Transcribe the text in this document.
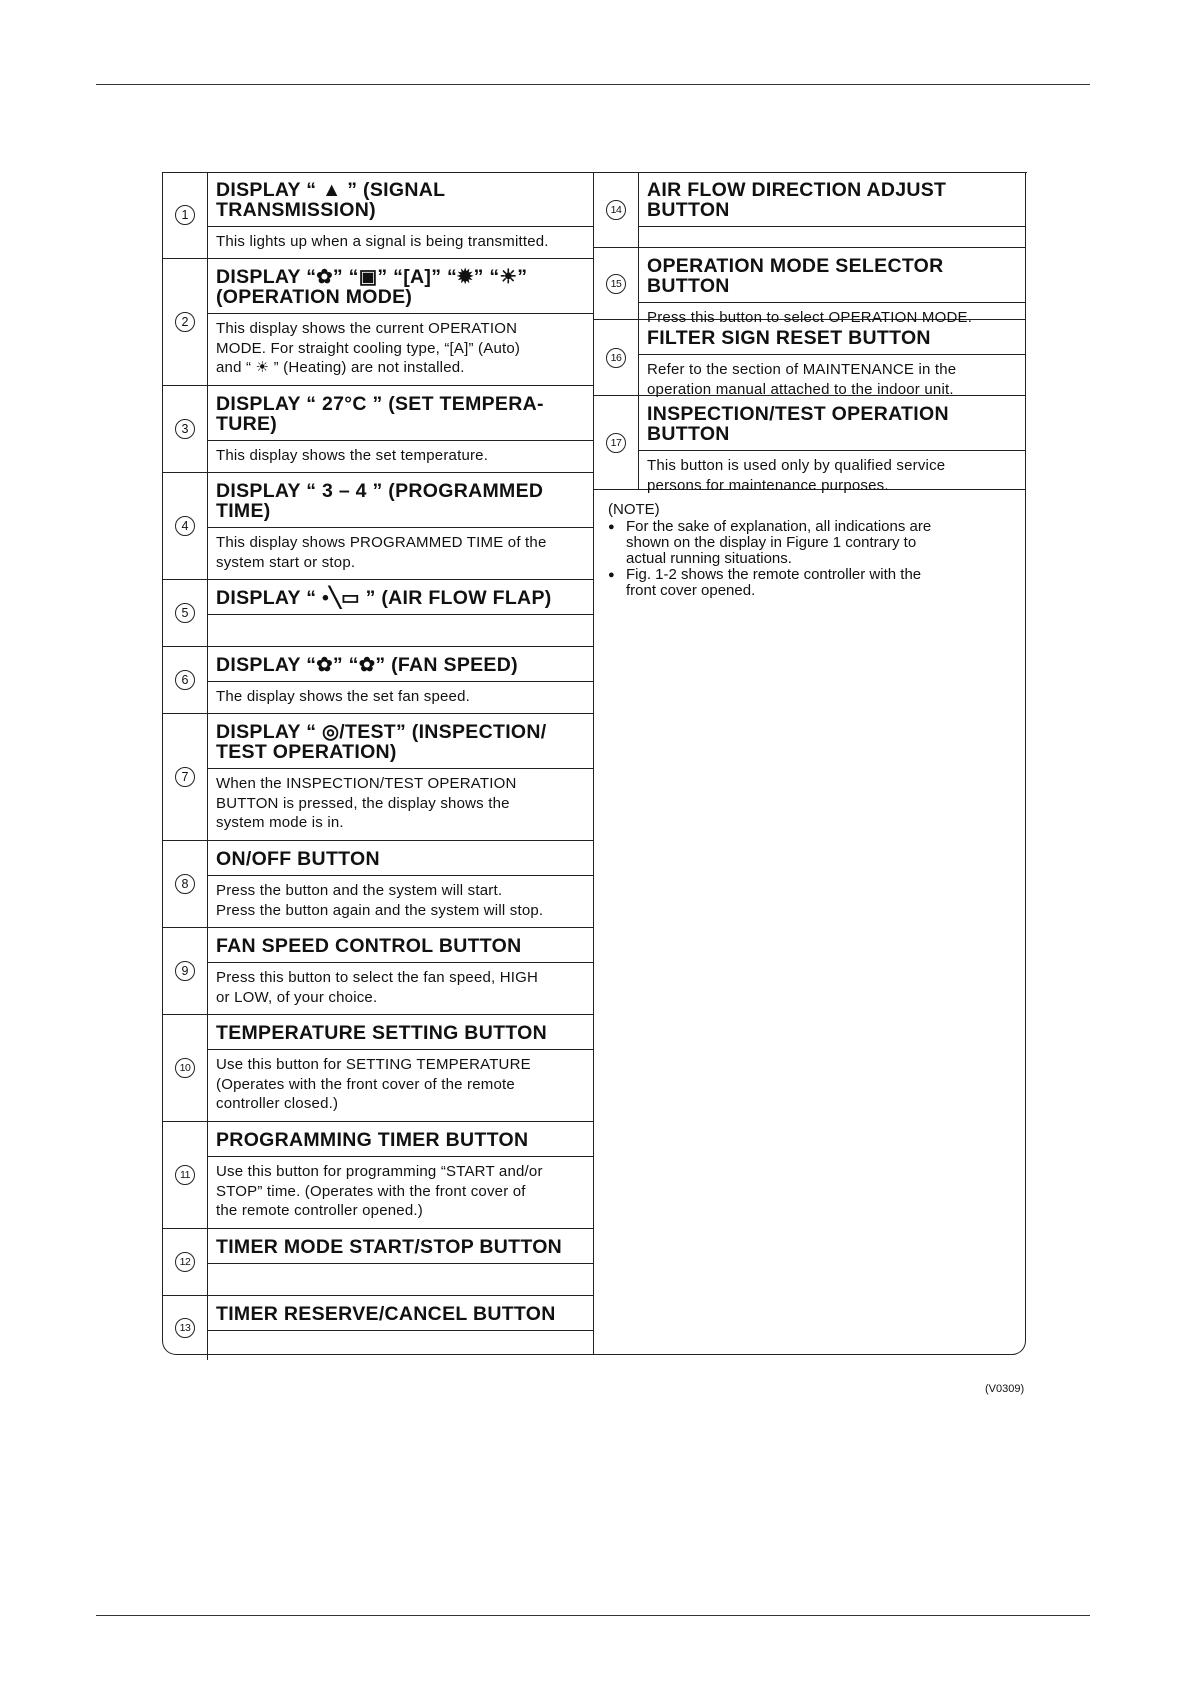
1
DISPLAY “ ▲ ” (SIGNAL
TRANSMISSION)
This lights up when a signal is being transmitted.
2
DISPLAY “✿” “▣” “[A]” “✹” “☀”
(OPERATION MODE)
This display shows the current OPERATION
MODE. For straight cooling type, “[A]” (Auto)
and “ ☀ ” (Heating) are not installed.
3
DISPLAY “ 27°C ” (SET TEMPERA-
TURE)
This display shows the set temperature.
4
DISPLAY “ 3 – 4 ” (PROGRAMMED
TIME)
This display shows PROGRAMMED TIME of the
system start or stop.
5
DISPLAY “ •╲▭ ” (AIR FLOW FLAP)
6
DISPLAY “✿” “✿” (FAN SPEED)
The display shows the set fan speed.
7
DISPLAY “ ◎/TEST” (INSPECTION/
TEST OPERATION)
When the INSPECTION/TEST OPERATION
BUTTON is pressed, the display shows the
system mode is in.
8
ON/OFF BUTTON
Press the button and the system will start.
Press the button again and the system will stop.
9
FAN SPEED CONTROL BUTTON
Press this button to select the fan speed, HIGH
or LOW, of your choice.
10
TEMPERATURE SETTING BUTTON
Use this button for SETTING TEMPERATURE
(Operates with the front cover of the remote
controller closed.)
11
PROGRAMMING TIMER BUTTON
Use this button for programming “START and/or
STOP” time. (Operates with the front cover of
the remote controller opened.)
12
TIMER MODE START/STOP BUTTON
13
TIMER RESERVE/CANCEL BUTTON
14
AIR FLOW DIRECTION ADJUST
BUTTON
15
OPERATION MODE SELECTOR
BUTTON
Press this button to select OPERATION MODE.
16
FILTER SIGN RESET BUTTON
Refer to the section of MAINTENANCE in the
operation manual attached to the indoor unit.
17
INSPECTION/TEST OPERATION
BUTTON
This button is used only by qualified service
persons for maintenance purposes.
(NOTE)
● For the sake of explanation, all indications are
shown on the display in Figure 1 contrary to
actual running situations.
● Fig. 1-2 shows the remote controller with the
front cover opened.
(V0309)
